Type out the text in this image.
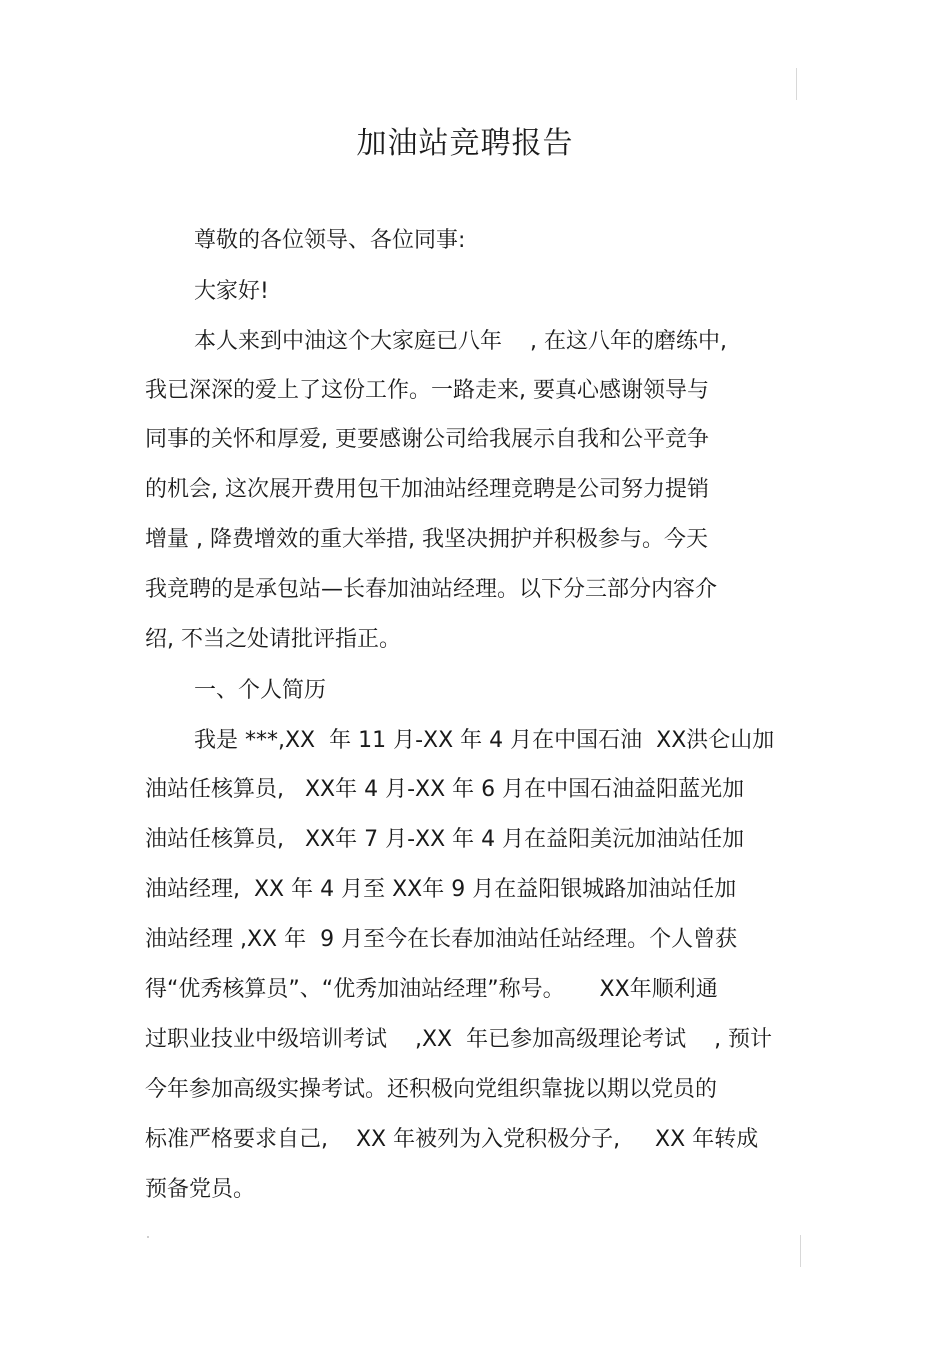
加油站竞聘报告
尊敬的各位领导、各位同事:
大家好!
本人来到中油这个大家庭已八年    , 在这八年的磨练中,
我已深深的爱上了这份工作。一路走来, 要真心感谢领导与
同事的关怀和厚爱, 更要感谢公司给我展示自我和公平竞争
的机会, 这次展开费用包干加油站经理竞聘是公司努力提销
增量 , 降费增效的重大举措, 我坚决拥护并积极参与。今天
我竞聘的是承包站—长春加油站经理。以下分三部分内容介
绍, 不当之处请批评指正。
一、个人简历
我是 ***,XX  年 11 月-XX 年 4 月在中国石油  XX洪仑山加
油站任核算员,   XX年 4 月-XX 年 6 月在中国石油益阳蓝光加
油站任核算员,   XX年 7 月-XX 年 4 月在益阳美沅加油站任加
油站经理,  XX 年 4 月至 XX年 9 月在益阳银城路加油站任加
油站经理 ,XX 年  9 月至今在长春加油站任站经理。个人曾获
得“优秀核算员”、“优秀加油站经理”称号。     XX年顺利通
过职业技业中级培训考试    ,XX  年已参加高级理论考试    , 预计
今年参加高级实操考试。还积极向党组织靠拢以期以党员的
标准严格要求自己,    XX 年被列为入党积极分子,     XX 年转成
预备党员。
